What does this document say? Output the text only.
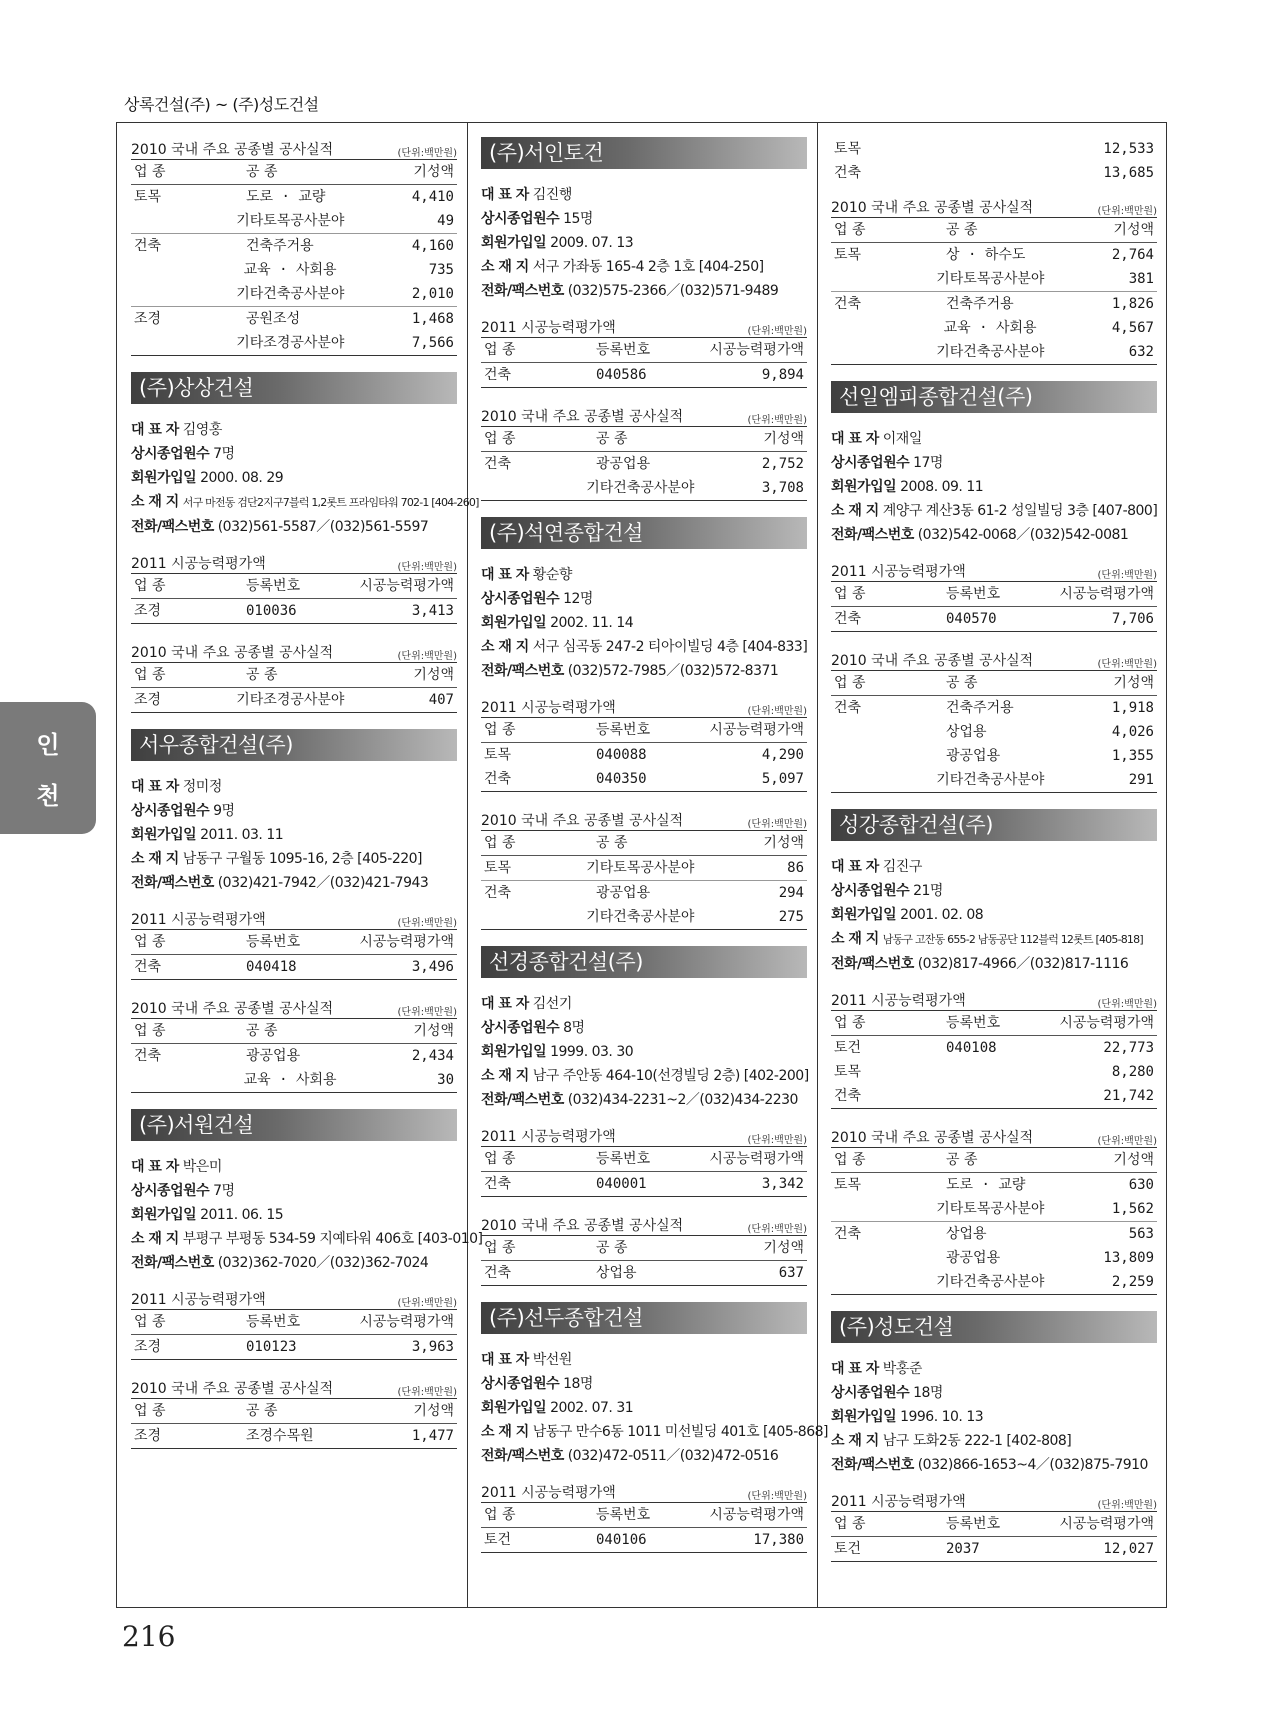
상록건설(주) ~ (주)성도건설
2010 국내 주요 공종별 공사실적	(단위:백만원)
업 종	공 종	기성액
토목	도로 · 교량	4,410
기타토목공사분야	49
건축	건축주거용	4,160
교육 · 사회용	735
기타건축공사분야	2,010
조경	공원조성	1,468
기타조경공사분야	7,566
(주)상상건설
대 표 자 김영홍
상시종업원수 7명
회원가입일 2000. 08. 29
소 재 지 서구 마전동 검단2지구7블럭 1,2롯트 프라임타워 702-1 [404-260]
전화/팩스번호 (032)561-5587／(032)561-5597
2011 시공능력평가액	(단위:백만원)
업 종	등록번호	시공능력평가액
조경	010036	3,413
2010 국내 주요 공종별 공사실적	(단위:백만원)
업 종	공 종	기성액
조경	기타조경공사분야	407
서우종합건설(주)
대 표 자 정미정
상시종업원수 9명
회원가입일 2011. 03. 11
소 재 지 남동구 구월동 1095-16, 2층 [405-220]
전화/팩스번호 (032)421-7942／(032)421-7943
2011 시공능력평가액	(단위:백만원)
업 종	등록번호	시공능력평가액
건축	040418	3,496
2010 국내 주요 공종별 공사실적	(단위:백만원)
업 종	공 종	기성액
건축	광공업용	2,434
교육 · 사회용	30
(주)서원건설
대 표 자 박은미
상시종업원수 7명
회원가입일 2011. 06. 15
소 재 지 부평구 부평동 534-59 지예타워 406호 [403-010]
전화/팩스번호 (032)362-7020／(032)362-7024
2011 시공능력평가액	(단위:백만원)
업 종	등록번호	시공능력평가액
조경	010123	3,963
2010 국내 주요 공종별 공사실적	(단위:백만원)
업 종	공 종	기성액
조경	조경수목원	1,477
(주)서인토건
대 표 자 김진행
상시종업원수 15명
회원가입일 2009. 07. 13
소 재 지 서구 가좌동 165-4 2층 1호 [404-250]
전화/팩스번호 (032)575-2366／(032)571-9489
2011 시공능력평가액	(단위:백만원)
업 종	등록번호	시공능력평가액
건축	040586	9,894
2010 국내 주요 공종별 공사실적	(단위:백만원)
업 종	공 종	기성액
건축	광공업용	2,752
기타건축공사분야	3,708
(주)석연종합건설
대 표 자 황순향
상시종업원수 12명
회원가입일 2002. 11. 14
소 재 지 서구 심곡동 247-2 티아이빌딩 4층 [404-833]
전화/팩스번호 (032)572-7985／(032)572-8371
2011 시공능력평가액	(단위:백만원)
업 종	등록번호	시공능력평가액
토목	040088	4,290
건축	040350	5,097
2010 국내 주요 공종별 공사실적	(단위:백만원)
업 종	공 종	기성액
토목	기타토목공사분야	86
건축	광공업용	294
기타건축공사분야	275
선경종합건설(주)
대 표 자 김선기
상시종업원수 8명
회원가입일 1999. 03. 30
소 재 지 남구 주안동 464-10(선경빌딩 2층) [402-200]
전화/팩스번호 (032)434-2231~2／(032)434-2230
2011 시공능력평가액	(단위:백만원)
업 종	등록번호	시공능력평가액
건축	040001	3,342
2010 국내 주요 공종별 공사실적	(단위:백만원)
업 종	공 종	기성액
건축	상업용	637
(주)선두종합건설
대 표 자 박선원
상시종업원수 18명
회원가입일 2002. 07. 31
소 재 지 남동구 만수6동 1011 미선빌딩 401호 [405-868]
전화/팩스번호 (032)472-0511／(032)472-0516
2011 시공능력평가액	(단위:백만원)
업 종	등록번호	시공능력평가액
토건	040106	17,380
토목	12,533
건축	13,685
2010 국내 주요 공종별 공사실적	(단위:백만원)
업 종	공 종	기성액
토목	상 · 하수도	2,764
기타토목공사분야	381
건축	건축주거용	1,826
교육 · 사회용	4,567
기타건축공사분야	632
선일엠피종합건설(주)
대 표 자 이재일
상시종업원수 17명
회원가입일 2008. 09. 11
소 재 지 계양구 계산3동 61-2 성일빌딩 3층 [407-800]
전화/팩스번호 (032)542-0068／(032)542-0081
2011 시공능력평가액	(단위:백만원)
업 종	등록번호	시공능력평가액
건축	040570	7,706
2010 국내 주요 공종별 공사실적	(단위:백만원)
업 종	공 종	기성액
건축	건축주거용	1,918
상업용	4,026
광공업용	1,355
기타건축공사분야	291
성강종합건설(주)
대 표 자 김진구
상시종업원수 21명
회원가입일 2001. 02. 08
소 재 지 남동구 고잔동 655-2 남동공단 112블럭 12롯트 [405-818]
전화/팩스번호 (032)817-4966／(032)817-1116
2011 시공능력평가액	(단위:백만원)
업 종	등록번호	시공능력평가액
토건	040108	22,773
토목	8,280
건축	21,742
2010 국내 주요 공종별 공사실적	(단위:백만원)
업 종	공 종	기성액
토목	도로 · 교량	630
기타토목공사분야	1,562
건축	상업용	563
광공업용	13,809
기타건축공사분야	2,259
(주)성도건설
대 표 자 박홍준
상시종업원수 18명
회원가입일 1996. 10. 13
소 재 지 남구 도화2동 222-1 [402-808]
전화/팩스번호 (032)866-1653~4／(032)875-7910
2011 시공능력평가액	(단위:백만원)
업 종	등록번호	시공능력평가액
토건	2037	12,027
인
천
216
